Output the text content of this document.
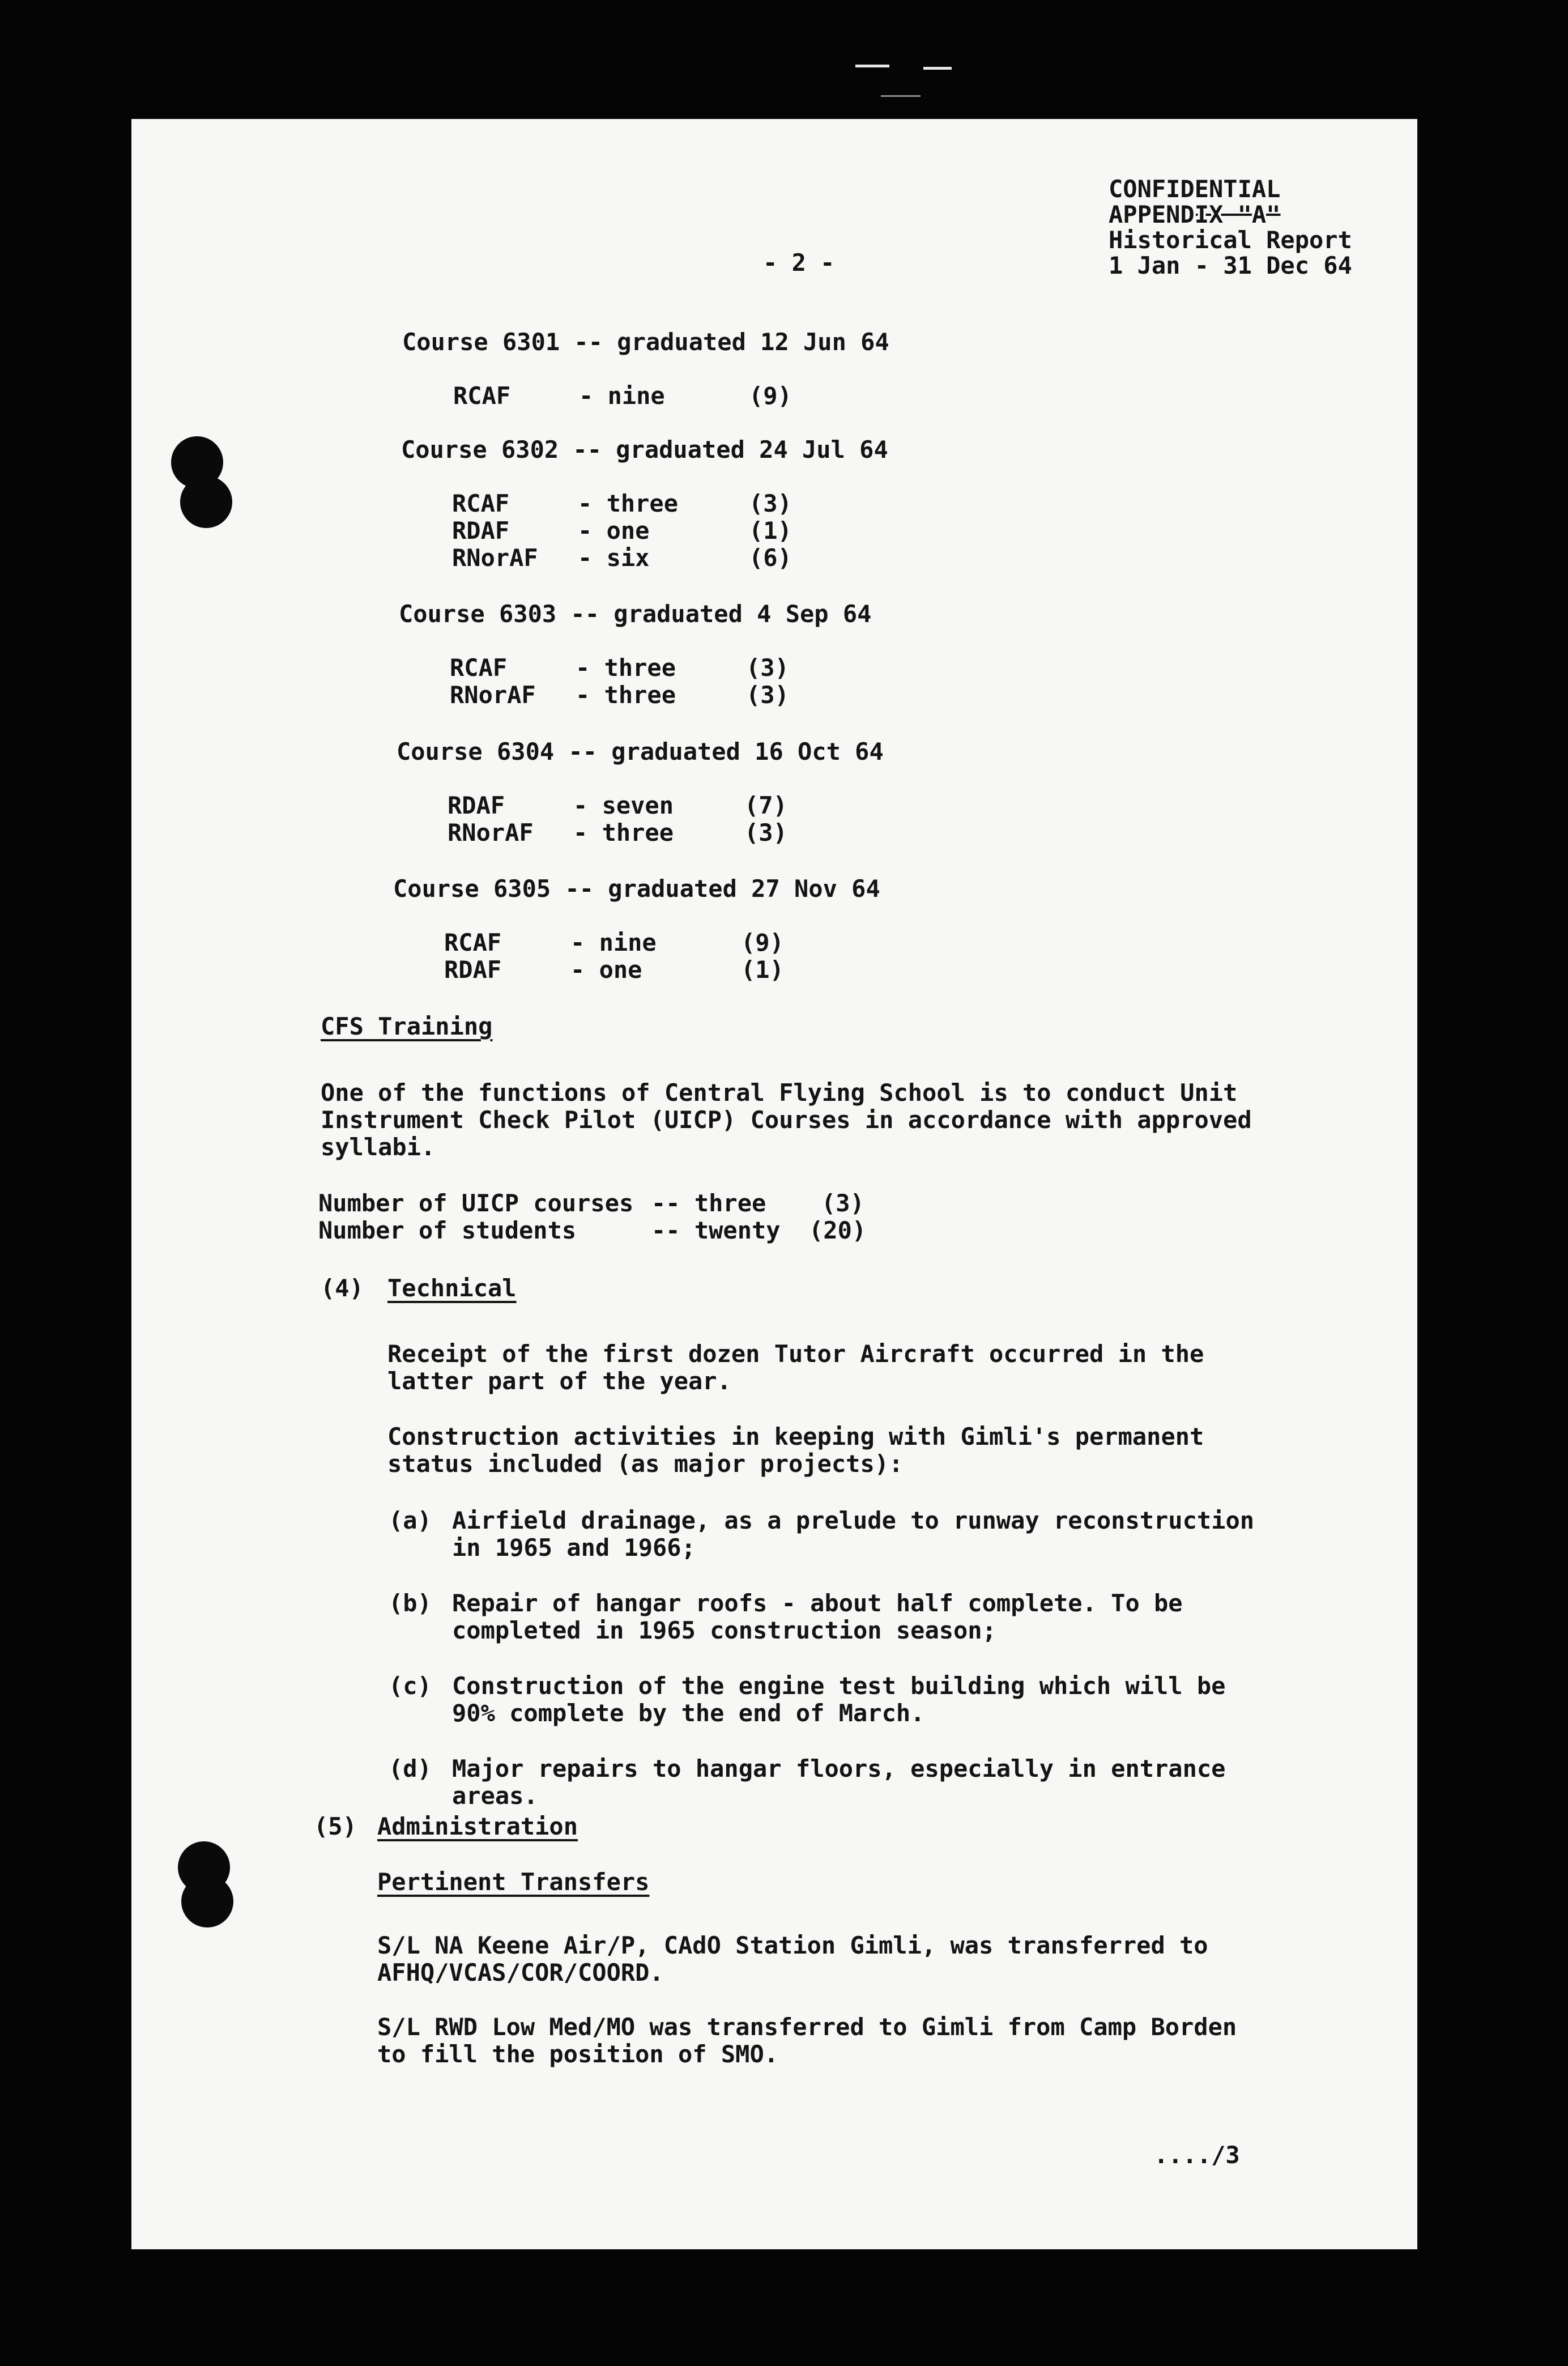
CONFIDENTIAL
APPENDIX "A"
Historical Report
1 Jan - 31 Dec 64
- 2 -
Course 6301 -- graduated 12 Jun 64
RCAF	- nine	(9)
Course 6302 -- graduated 24 Jul 64
RCAF	- three	(3)
RDAF	- one	(1)
RNorAF - six	(6)
Course 6303 -- graduated 4 Sep 64
RCAF	- three	(3)
RNorAF - three	(3)
Course 6304 -- graduated 16 Oct 64
RDAF	- seven	(7)
RNorAF - three	(3)
Course 6305 -- graduated 27 Nov 64
RCAF	- nine	(9)
RDAF	- one	(1)
CFS Training
One of the functions of Central Flying School is to conduct Unit
Instrument Check Pilot (UICP) Courses in accordance with approved
syllabi.
Number of UICP courses -- three (3)
Number of students	-- twenty (20)
(4) Technical
Receipt of the first dozen Tutor Aircraft occurred in the
latter part of the year.
Construction activities in keeping with Gimli's permanent
status included (as major projects):
(a) Airfield drainage, as a prelude to runway reconstruction
in 1965 and 1966;
(b) Repair of hangar roofs - about half complete. To be
completed in 1965 construction season;
(c) Construction of the engine test building which will be
90% complete by the end of March.
(d) Major repairs to hangar floors, especially in entrance
areas.
(5) Administration
Pertinent Transfers
S/L NA Keene Air/P, CAdO Station Gimli, was transferred to
AFHQ/VCAS/COR/COORD.
S/L RWD Low Med/MO was transferred to Gimli from Camp Borden
to fill the position of SMO.
..../3
